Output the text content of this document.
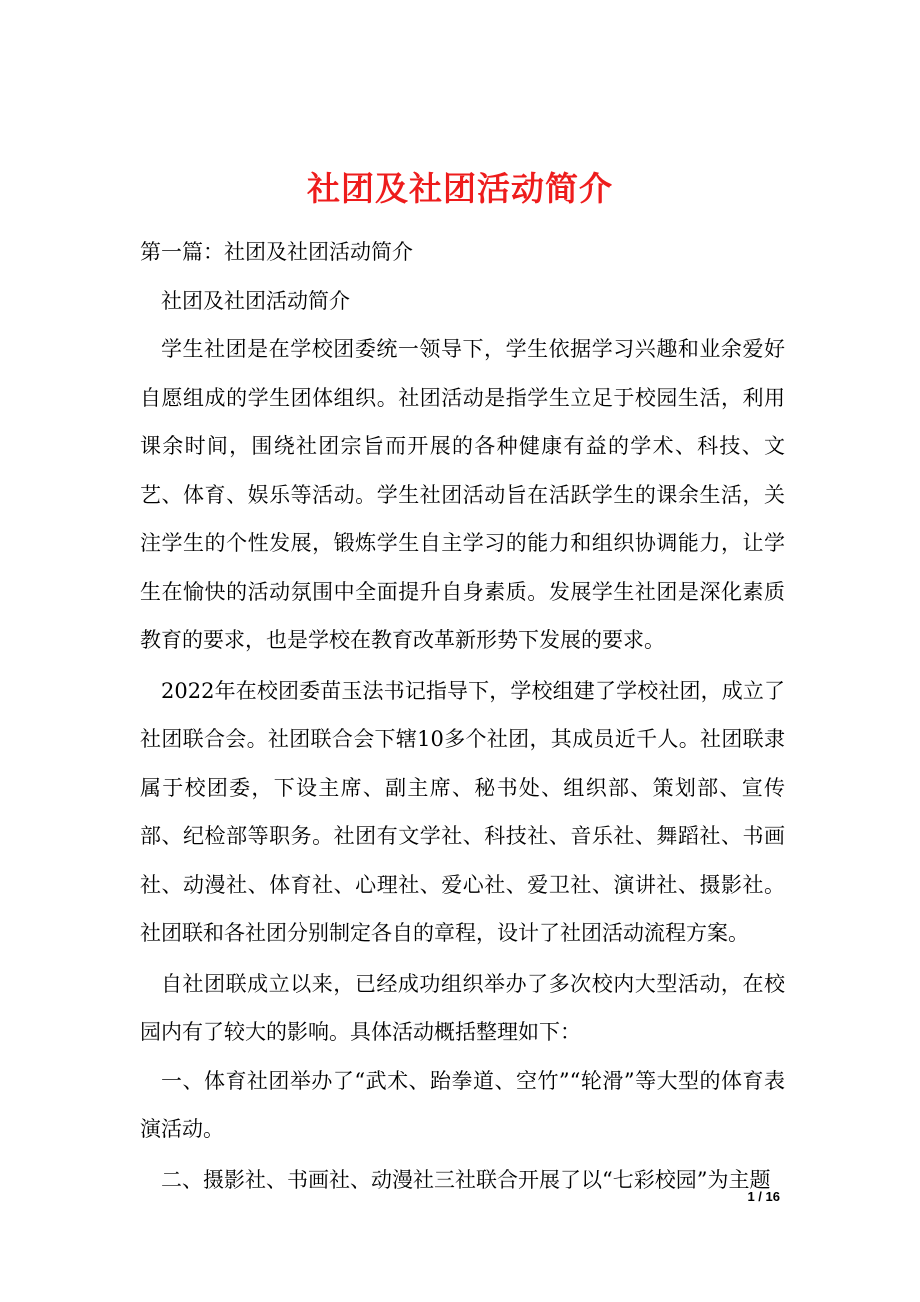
社团及社团活动简介

第一篇：社团及社团活动简介

社团及社团活动简介

学生社团是在学校团委统一领导下，学生依据学习兴趣和业余爱好自愿组成的学生团体组织。社团活动是指学生立足于校园生活，利用课余时间，围绕社团宗旨而开展的各种健康有益的学术、科技、文艺、体育、娱乐等活动。学生社团活动旨在活跃学生的课余生活，关注学生的个性发展，锻炼学生自主学习的能力和组织协调能力，让学生在愉快的活动氛围中全面提升自身素质。发展学生社团是深化素质教育的要求，也是学校在教育改革新形势下发展的要求。

2022年在校团委苗玉法书记指导下，学校组建了学校社团，成立了社团联合会。社团联合会下辖10多个社团，其成员近千人。社团联隶属于校团委，下设主席、副主席、秘书处、组织部、策划部、宣传部、纪检部等职务。社团有文学社、科技社、音乐社、舞蹈社、书画社、动漫社、体育社、心理社、爱心社、爱卫社、演讲社、摄影社。社团联和各社团分别制定各自的章程，设计了社团活动流程方案。

自社团联成立以来，已经成功组织举办了多次校内大型活动，在校园内有了较大的影响。具体活动概括整理如下：

一、体育社团举办了“武术、跆拳道、空竹”“轮滑”等大型的体育表演活动。

二、摄影社、书画社、动漫社三社联合开展了以“七彩校园”为主题

1 / 16
